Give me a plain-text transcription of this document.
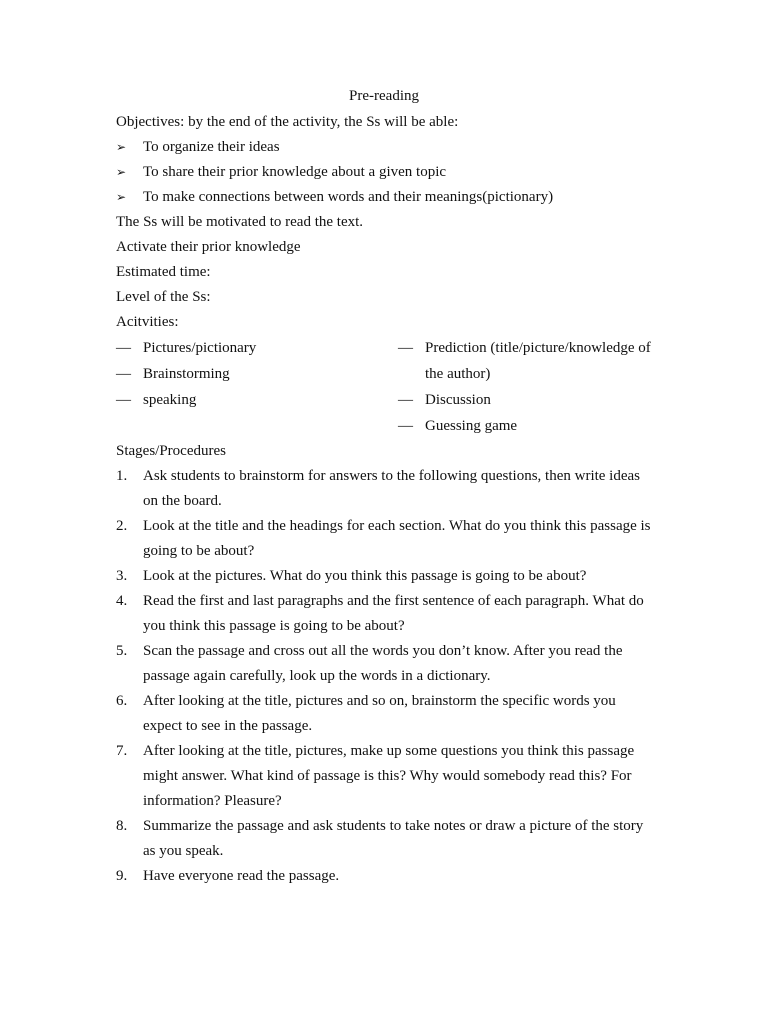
Pre-reading
Objectives: by the end of the activity, the Ss will be able:
➢	To organize their ideas
➢	To share their prior knowledge about a given topic
➢	To make connections between words and their meanings(pictionary)
The Ss will be motivated to read the text.
Activate their prior knowledge
Estimated time:
Level of the Ss:
Acitvities:
— Pictures/pictionary
— Brainstorming
— speaking
— Prediction (title/picture/knowledge of the author)
— Discussion
— Guessing game
Stages/Procedures
1.	Ask students to brainstorm for answers to the following questions, then write ideas on the board.
2.	Look at the title and the headings for each section. What do you think this passage is going to be about?
3.	Look at the pictures. What do you think this passage is going to be about?
4.	Read the first and last paragraphs and the first sentence of each paragraph. What do you think this passage is going to be about?
5.	Scan the passage and cross out all the words you don’t know. After you read the passage again carefully, look up the words in a dictionary.
6.	After looking at the title, pictures and so on, brainstorm the specific words you expect to see in the passage.
7.	After looking at the title, pictures, make up some questions you think this passage might answer. What kind of passage is this? Why would somebody read this? For information? Pleasure?
8.	Summarize the passage and ask students to take notes or draw a picture of the story as you speak.
9.	Have everyone read the passage.
